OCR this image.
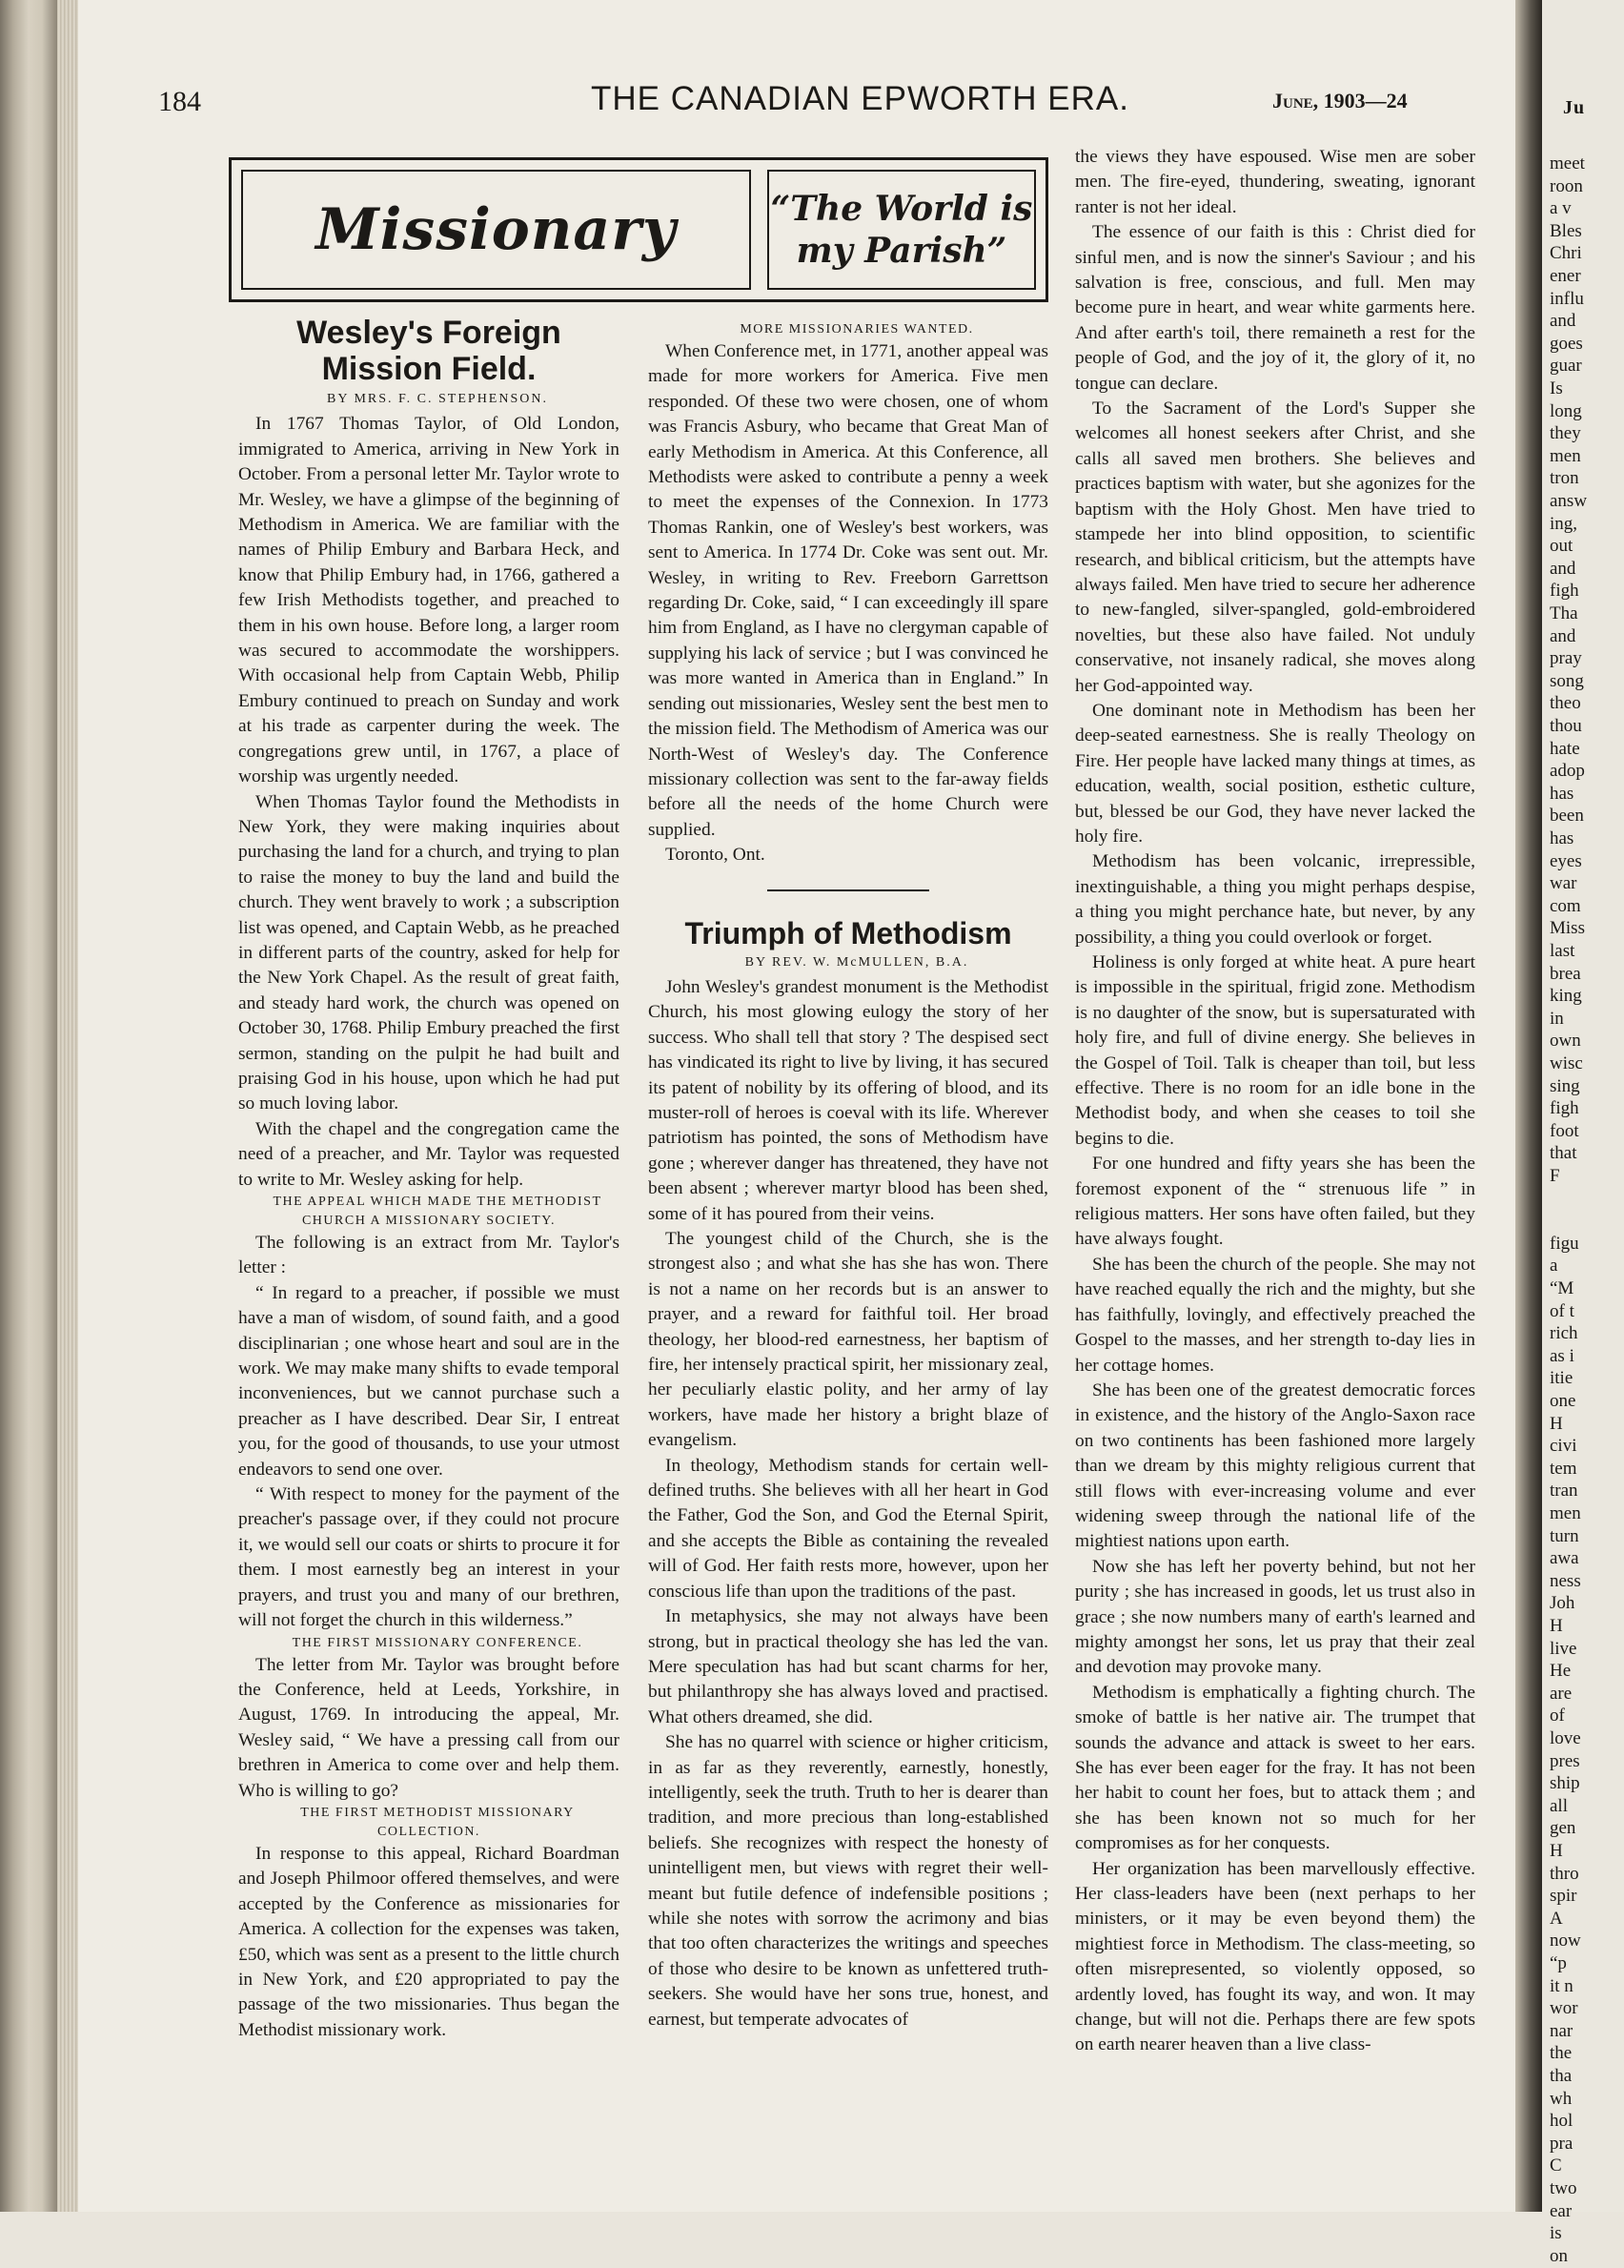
184	THE CANADIAN EPWORTH ERA.	June, 1903—24
Missionary	“The World is
my Parish”
Wesley's Foreign Mission Field.

BY MRS. F. C. STEPHENSON.

In 1767 Thomas Taylor, of Old London, immigrated to America, arriving in New York in October. From a personal letter Mr. Taylor wrote to Mr. Wesley, we have a glimpse of the beginning of Methodism in America. We are familiar with the names of Philip Embury and Barbara Heck, and know that Philip Embury had, in 1766, gathered a few Irish Methodists together, and preached to them in his own house. Before long, a larger room was secured to accommodate the worshippers. With occasional help from Captain Webb, Philip Embury continued to preach on Sunday and work at his trade as carpenter during the week. The congregations grew until, in 1767, a place of worship was urgently needed.

When Thomas Taylor found the Methodists in New York, they were making inquiries about purchasing the land for a church, and trying to plan to raise the money to buy the land and build the church. They went bravely to work ; a subscription list was opened, and Captain Webb, as he preached in different parts of the country, asked for help for the New York Chapel. As the result of great faith, and steady hard work, the church was opened on October 30, 1768. Philip Embury preached the first sermon, standing on the pulpit he had built and praising God in his house, upon which he had put so much loving labor.

With the chapel and the congregation came the need of a preacher, and Mr. Taylor was requested to write to Mr. Wesley asking for help.

THE APPEAL WHICH MADE THE METHODIST CHURCH A MISSIONARY SOCIETY.

The following is an extract from Mr. Taylor's letter :

“ In regard to a preacher, if possible we must have a man of wisdom, of sound faith, and a good disciplinarian ; one whose heart and soul are in the work. We may make many shifts to evade temporal inconveniences, but we cannot purchase such a preacher as I have described. Dear Sir, I entreat you, for the good of thousands, to use your utmost endeavors to send one over.

“ With respect to money for the payment of the preacher's passage over, if they could not procure it, we would sell our coats or shirts to procure it for them. I most earnestly beg an interest in your prayers, and trust you and many of our brethren, will not forget the church in this wilderness.”

THE FIRST MISSIONARY CONFERENCE.

The letter from Mr. Taylor was brought before the Conference, held at Leeds, Yorkshire, in August, 1769. In introducing the appeal, Mr. Wesley said, “ We have a pressing call from our brethren in America to come over and help them. Who is willing to go?

THE FIRST METHODIST MISSIONARY COLLECTION.

In response to this appeal, Richard Boardman and Joseph Philmoor offered themselves, and were accepted by the Conference as missionaries for America. A collection for the expenses was taken, £50, which was sent as a present to the little church in New York, and £20 appropriated to pay the passage of the two missionaries. Thus began the Methodist missionary work.

MORE MISSIONARIES WANTED.

When Conference met, in 1771, another appeal was made for more workers for America. Five men responded. Of these two were chosen, one of whom was Francis Asbury, who became that Great Man of early Methodism in America. At this Conference, all Methodists were asked to contribute a penny a week to meet the expenses of the Connexion. In 1773 Thomas Rankin, one of Wesley's best workers, was sent to America. In 1774 Dr. Coke was sent out. Mr. Wesley, in writing to Rev. Freeborn Garrettson regarding Dr. Coke, said, “ I can exceedingly ill spare him from England, as I have no clergyman capable of supplying his lack of service ; but I was convinced he was more wanted in America than in England.” In sending out missionaries, Wesley sent the best men to the mission field. The Methodism of America was our North-West of Wesley's day. The Conference missionary collection was sent to the far-away fields before all the needs of the home Church were supplied.

Toronto, Ont.

Triumph of Methodism

BY REV. W. McMULLEN, B.A.

John Wesley's grandest monument is the Methodist Church, his most glowing eulogy the story of her success. Who shall tell that story ? The despised sect has vindicated its right to live by living, it has secured its patent of nobility by its offering of blood, and its muster-roll of heroes is coeval with its life. Wherever patriotism has pointed, the sons of Methodism have gone ; wherever danger has threatened, they have not been absent ; wherever martyr blood has been shed, some of it has poured from their veins.

The youngest child of the Church, she is the strongest also ; and what she has she has won. There is not a name on her records but is an answer to prayer, and a reward for faithful toil. Her broad theology, her blood-red earnestness, her baptism of fire, her intensely practical spirit, her missionary zeal, her peculiarly elastic polity, and her army of lay workers, have made her history a bright blaze of evangelism.

In theology, Methodism stands for certain well-defined truths. She believes with all her heart in God the Father, God the Son, and God the Eternal Spirit, and she accepts the Bible as containing the revealed will of God. Her faith rests more, however, upon her conscious life than upon the traditions of the past.

In metaphysics, she may not always have been strong, but in practical theology she has led the van. Mere speculation has had but scant charms for her, but philanthropy she has always loved and practised. What others dreamed, she did.

She has no quarrel with science or higher criticism, in as far as they reverently, earnestly, honestly, intelligently, seek the truth. Truth to her is dearer than tradition, and more precious than long-established beliefs. She recognizes with respect the honesty of unintelligent men, but views with regret their well-meant but futile defence of indefensible positions ; while she notes with sorrow the acrimony and bias that too often characterizes the writings and speeches of those who desire to be known as unfettered truth-seekers. She would have her sons true, honest, and earnest, but temperate advocates of

the views they have espoused. Wise men are sober men. The fire-eyed, thundering, sweating, ignorant ranter is not her ideal.

The essence of our faith is this : Christ died for sinful men, and is now the sinner's Saviour ; and his salvation is free, conscious, and full. Men may become pure in heart, and wear white garments here. And after earth's toil, there remaineth a rest for the people of God, and the joy of it, the glory of it, no tongue can declare.

To the Sacrament of the Lord's Supper she welcomes all honest seekers after Christ, and she calls all saved men brothers. She believes and practices baptism with water, but she agonizes for the baptism with the Holy Ghost. Men have tried to stampede her into blind opposition, to scientific research, and biblical criticism, but the attempts have always failed. Men have tried to secure her adherence to new-fangled, silver-spangled, gold-embroidered novelties, but these also have failed. Not unduly conservative, not insanely radical, she moves along her God-appointed way.

One dominant note in Methodism has been her deep-seated earnestness. She is really Theology on Fire. Her people have lacked many things at times, as education, wealth, social position, esthetic culture, but, blessed be our God, they have never lacked the holy fire.

Methodism has been volcanic, irrepressible, inextinguishable, a thing you might perhaps despise, a thing you might perchance hate, but never, by any possibility, a thing you could overlook or forget.

Holiness is only forged at white heat. A pure heart is impossible in the spiritual, frigid zone. Methodism is no daughter of the snow, but is supersaturated with holy fire, and full of divine energy. She believes in the Gospel of Toil. Talk is cheaper than toil, but less effective. There is no room for an idle bone in the Methodist body, and when she ceases to toil she begins to die.

For one hundred and fifty years she has been the foremost exponent of the “ strenuous life ” in religious matters. Her sons have often failed, but they have always fought.

She has been the church of the people. She may not have reached equally the rich and the mighty, but she has faithfully, lovingly, and effectively preached the Gospel to the masses, and her strength to-day lies in her cottage homes.

She has been one of the greatest democratic forces in existence, and the history of the Anglo-Saxon race on two continents has been fashioned more largely than we dream by this mighty religious current that still flows with ever-increasing volume and ever widening sweep through the national life of the mightiest nations upon earth.

Now she has left her poverty behind, but not her purity ; she has increased in goods, let us trust also in grace ; she now numbers many of earth's learned and mighty amongst her sons, let us pray that their zeal and devotion may provoke many.

Methodism is emphatically a fighting church. The smoke of battle is her native air. The trumpet that sounds the advance and attack is sweet to her ears. She has ever been eager for the fray. It has not been her habit to count her foes, but to attack them ; and she has been known not so much for her compromises as for her conquests.

Her organization has been marvellously effective. Her class-leaders have been (next perhaps to her ministers, or it may be even beyond them) the mightiest force in Methodism. The class-meeting, so often misrepresented, so violently opposed, so ardently loved, has fought its way, and won. It may change, but will not die. Perhaps there are few spots on earth nearer heaven than a live class-

Ju
meet
roon
a v
Bles
Chri
ener
influ
and
goes
guar
Is
long
they
men
tron
answ
ing,
out
and
figh
Tha
and
pray
song
theo
thou
hate
adop
has
been
has
eyes
war
com
Miss
last
brea
king
in
own
wisc
sing
figh
foot
that
F
figu
a
“M
of t
rich
as i
itie
one
H
civi
tem
tran
men
turn
awa
ness
Joh
H
live
He
are
of
love
pres
ship
all
gen
H
thro
spir
A
now
“p
it n
wor
nar
the
tha
wh
hol
pra
C
two
ear
is
on
